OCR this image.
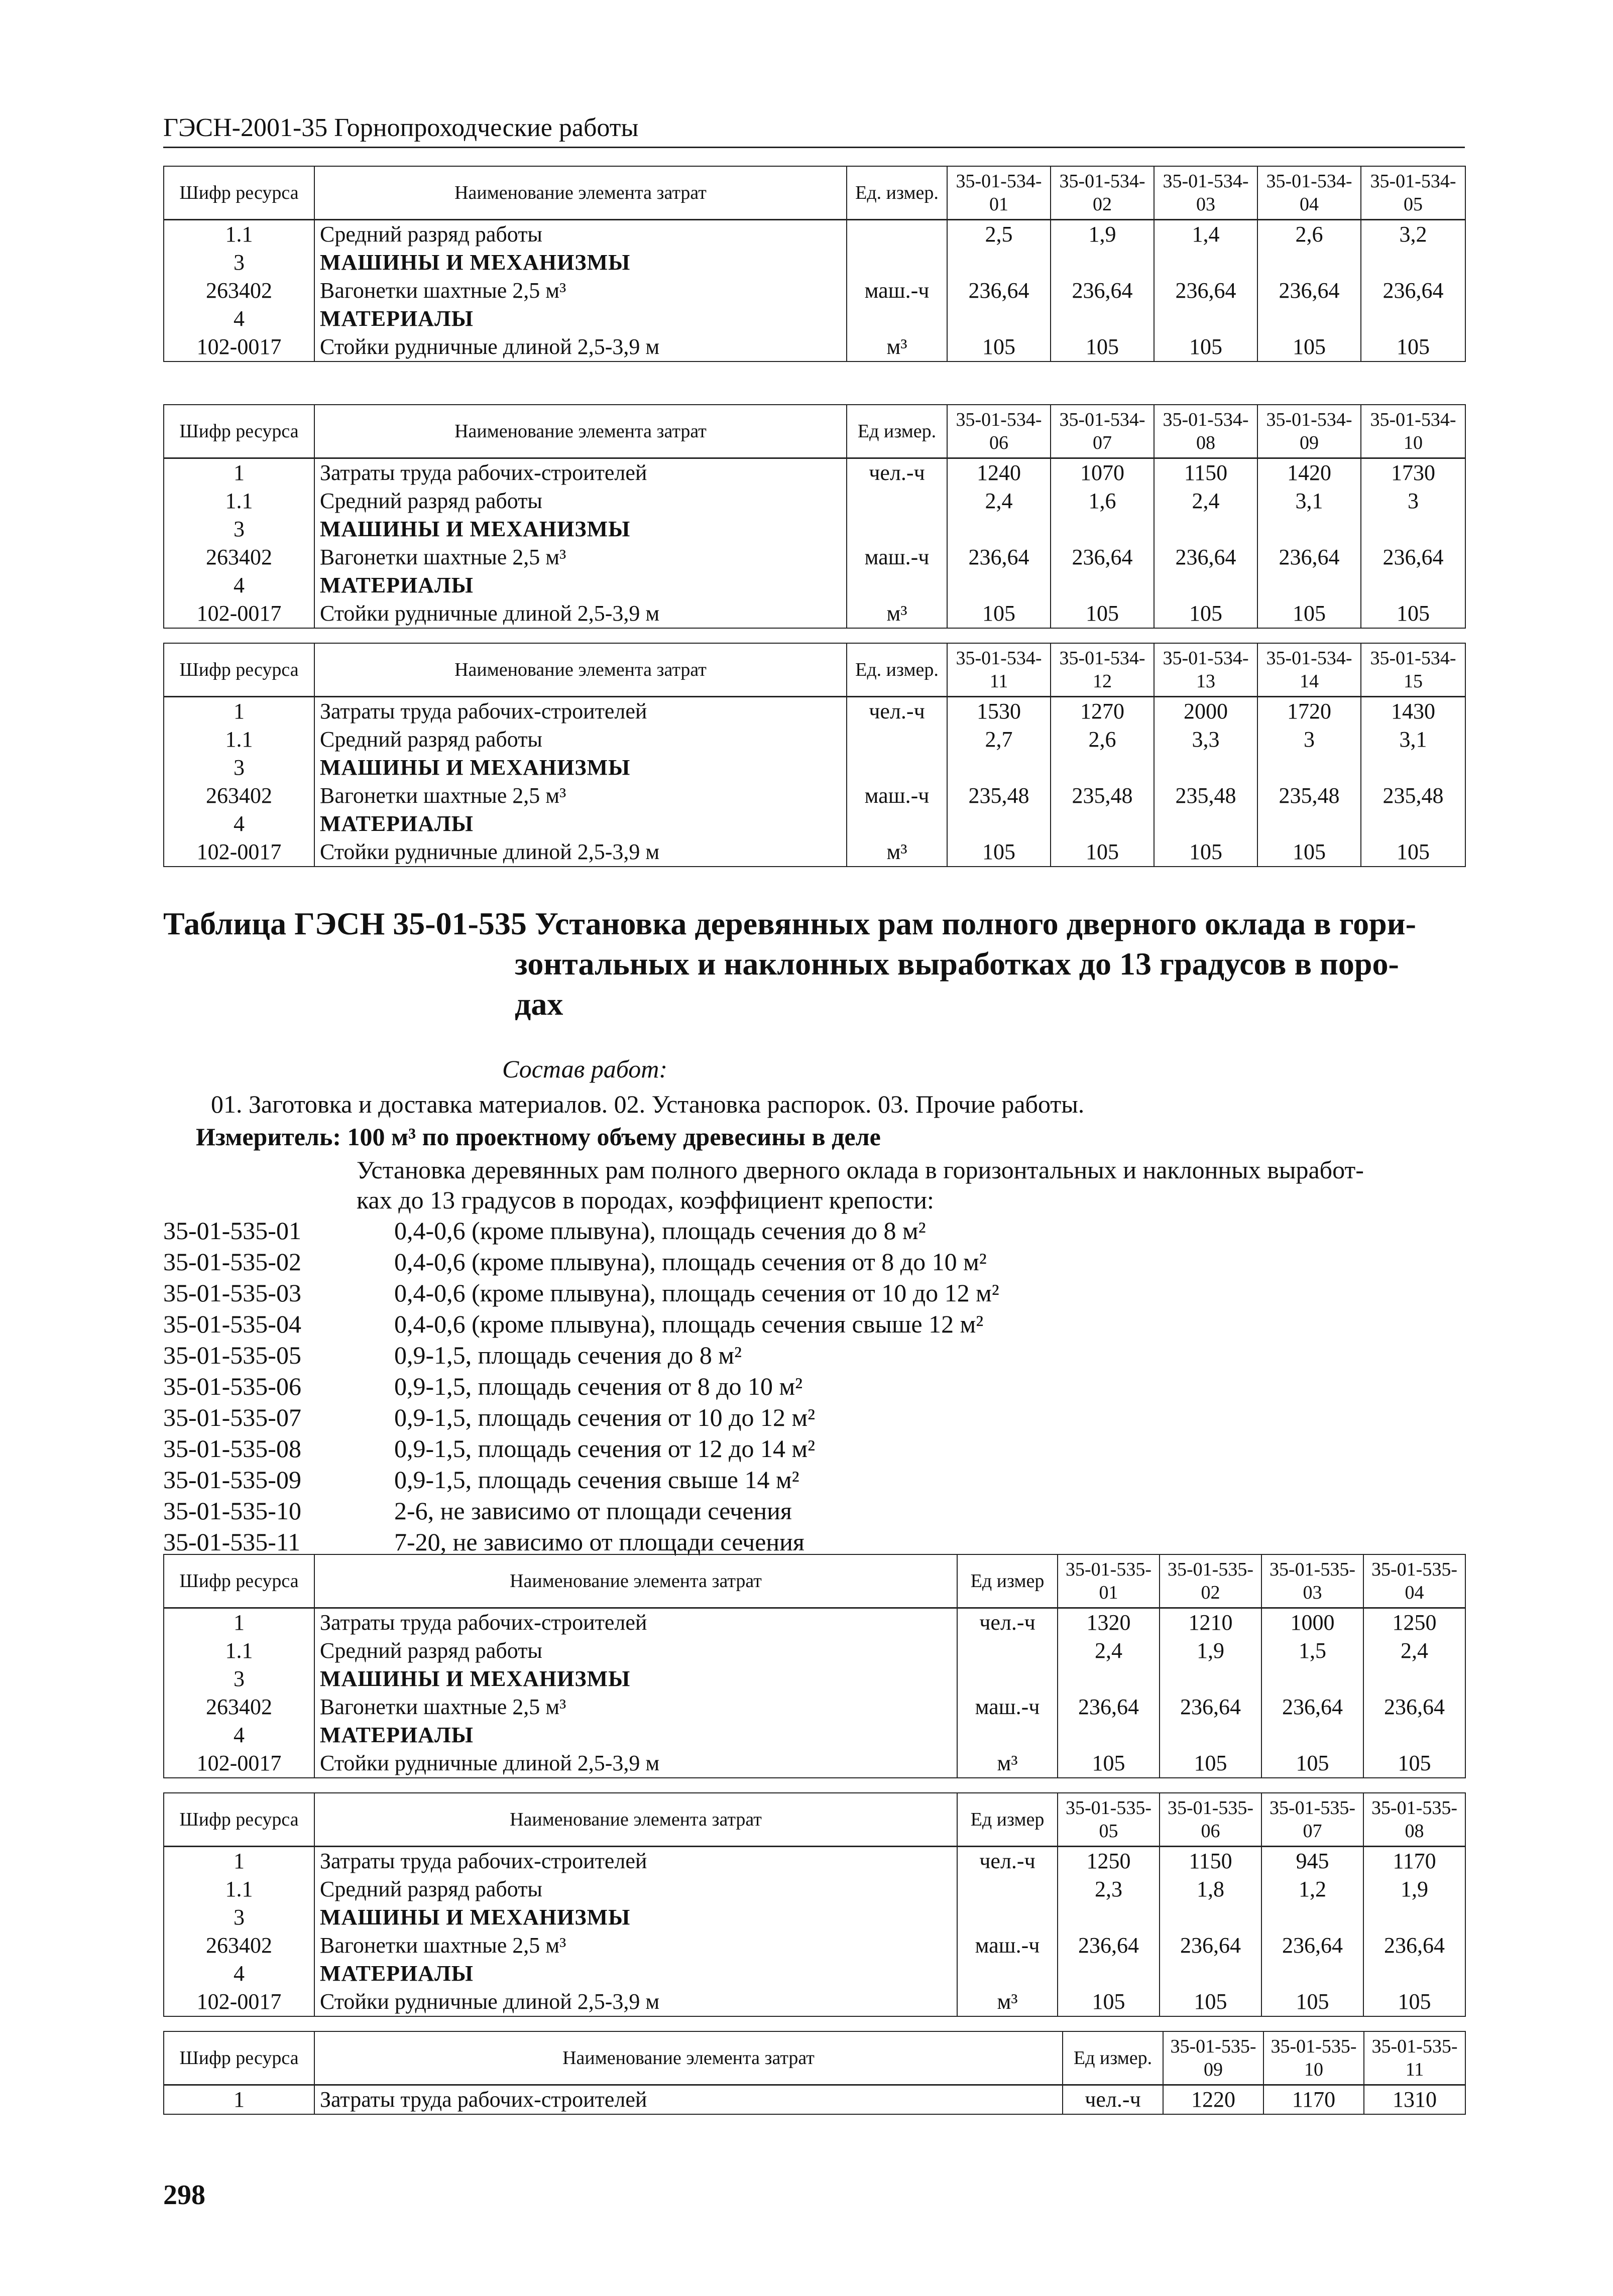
ГЭСН-2001-35 Горнопроходческие работы
Шифр ресурса	Наименование элемента затрат	Ед. измер.	35-01-534-01	35-01-534-02	35-01-534-03	35-01-534-04	35-01-534-05
1.1	Средний разряд работы		2,5	1,9	1,4	2,6	3,2
3	МАШИНЫ И МЕХАНИЗМЫ						
263402	Вагонетки шахтные 2,5 м³	маш.-ч	236,64	236,64	236,64	236,64	236,64
4	МАТЕРИАЛЫ						
102-0017	Стойки рудничные длиной 2,5-3,9 м	м³	105	105	105	105	105
Шифр ресурса	Наименование элемента затрат	Ед измер.	35-01-534-06	35-01-534-07	35-01-534-08	35-01-534-09	35-01-534-10
1	Затраты труда рабочих-строителей	чел.-ч	1240	1070	1150	1420	1730
1.1	Средний разряд работы		2,4	1,6	2,4	3,1	3
3	МАШИНЫ И МЕХАНИЗМЫ						
263402	Вагонетки шахтные 2,5 м³	маш.-ч	236,64	236,64	236,64	236,64	236,64
4	МАТЕРИАЛЫ						
102-0017	Стойки рудничные длиной 2,5-3,9 м	м³	105	105	105	105	105
Шифр ресурса	Наименование элемента затрат	Ед. измер.	35-01-534-11	35-01-534-12	35-01-534-13	35-01-534-14	35-01-534-15
1	Затраты труда рабочих-строителей	чел.-ч	1530	1270	2000	1720	1430
1.1	Средний разряд работы		2,7	2,6	3,3	3	3,1
3	МАШИНЫ И МЕХАНИЗМЫ						
263402	Вагонетки шахтные 2,5 м³	маш.-ч	235,48	235,48	235,48	235,48	235,48
4	МАТЕРИАЛЫ						
102-0017	Стойки рудничные длиной 2,5-3,9 м	м³	105	105	105	105	105
Таблица ГЭСН 35-01-535 Установка деревянных рам полного дверного оклада в гори-
зонтальных и наклонных выработках до 13 градусов в поро-
дах
Состав работ:
01. Заготовка и доставка материалов. 02. Установка распорок. 03. Прочие работы.
Измеритель: 100 м³ по проектному объему древесины в деле
Установка деревянных рам полного дверного оклада в горизонтальных и наклонных выработ-
ках до 13 градусов в породах, коэффициент крепости:
35-01-535-01	0,4-0,6 (кроме плывуна), площадь сечения до 8 м²
35-01-535-02	0,4-0,6 (кроме плывуна), площадь сечения от 8 до 10 м²
35-01-535-03	0,4-0,6 (кроме плывуна), площадь сечения от 10 до 12 м²
35-01-535-04	0,4-0,6 (кроме плывуна), площадь сечения свыше 12 м²
35-01-535-05	0,9-1,5, площадь сечения до 8 м²
35-01-535-06	0,9-1,5, площадь сечения от 8 до 10 м²
35-01-535-07	0,9-1,5, площадь сечения от 10 до 12 м²
35-01-535-08	0,9-1,5, площадь сечения от 12 до 14 м²
35-01-535-09	0,9-1,5, площадь сечения свыше 14 м²
35-01-535-10	2-6, не зависимо от площади сечения
35-01-535-11	7-20, не зависимо от площади сечения
Шифр ресурса	Наименование элемента затрат	Ед измер	35-01-535-01	35-01-535-02	35-01-535-03	35-01-535-04
1	Затраты труда рабочих-строителей	чел.-ч	1320	1210	1000	1250
1.1	Средний разряд работы		2,4	1,9	1,5	2,4
3	МАШИНЫ И МЕХАНИЗМЫ					
263402	Вагонетки шахтные 2,5 м³	маш.-ч	236,64	236,64	236,64	236,64
4	МАТЕРИАЛЫ					
102-0017	Стойки рудничные длиной 2,5-3,9 м	м³	105	105	105	105
Шифр ресурса	Наименование элемента затрат	Ед измер	35-01-535-05	35-01-535-06	35-01-535-07	35-01-535-08
1	Затраты труда рабочих-строителей	чел.-ч	1250	1150	945	1170
1.1	Средний разряд работы		2,3	1,8	1,2	1,9
3	МАШИНЫ И МЕХАНИЗМЫ					
263402	Вагонетки шахтные 2,5 м³	маш.-ч	236,64	236,64	236,64	236,64
4	МАТЕРИАЛЫ					
102-0017	Стойки рудничные длиной 2,5-3,9 м	м³	105	105	105	105
Шифр ресурса	Наименование элемента затрат	Ед измер.	35-01-535-09	35-01-535-10	35-01-535-11
1	Затраты труда рабочих-строителей	чел.-ч	1220	1170	1310
298
